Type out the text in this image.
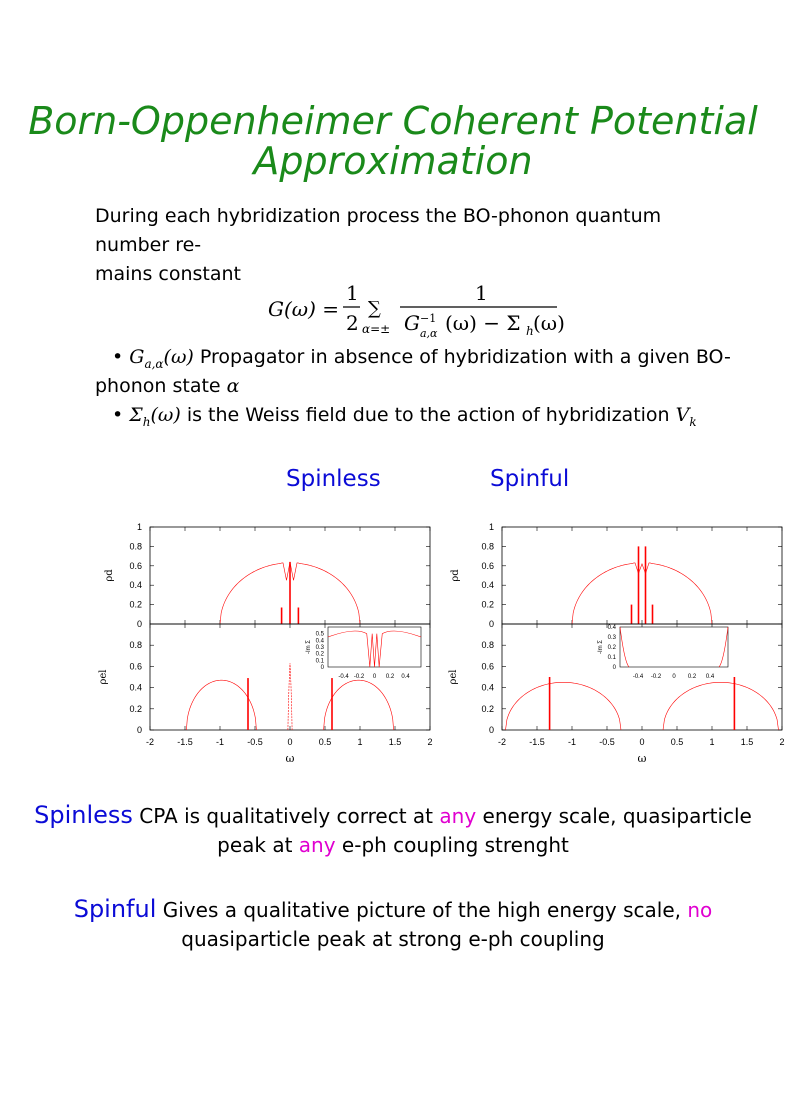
Born-Oppenheimer Coherent Potential
Approximation
During each hybridization process the BO-phonon quantum number re-
mains constant
G(ω) =
1
2
∑
α=±
1
G −1
a,α (ω) − Σ h (ω)
• $G_{a,\alpha}(\omega)$ Propagator in absence of hybridization with a given BO-
phonon state α
• $\Sigma_h(\omega)$ is the Weiss field due to the action of hybridization $V_k$
Spinless	Spinful
0
0.2
0.4
0.6
0.8
1
ρd
0
0.2
0.4
0.6
0.8
-2	-1.5	-1	-0.5	0	0.5	1	1.5	2
ω
ρel
0
0.1
0.2
0.3
0.4
0.5
-0.4 -0.2 0 0.2 0.4
-Im Σ
0
0.2
0.4
0.6
0.8
1
ρd
0
0.2
0.4
0.6
0.8
-2	-1.5	-1	-0.5	0	0.5	1	1.5	2
ω
ρel
0
0.1
0.2
0.3
0.4
-0.4 -0.2 0 0.2 0.4
-Im Σ
Spinless CPA is qualitatively correct at any energy scale, quasiparticle
peak at any e-ph coupling strenght
Spinful Gives a qualitative picture of the high energy scale, no
quasiparticle peak at strong e-ph coupling
